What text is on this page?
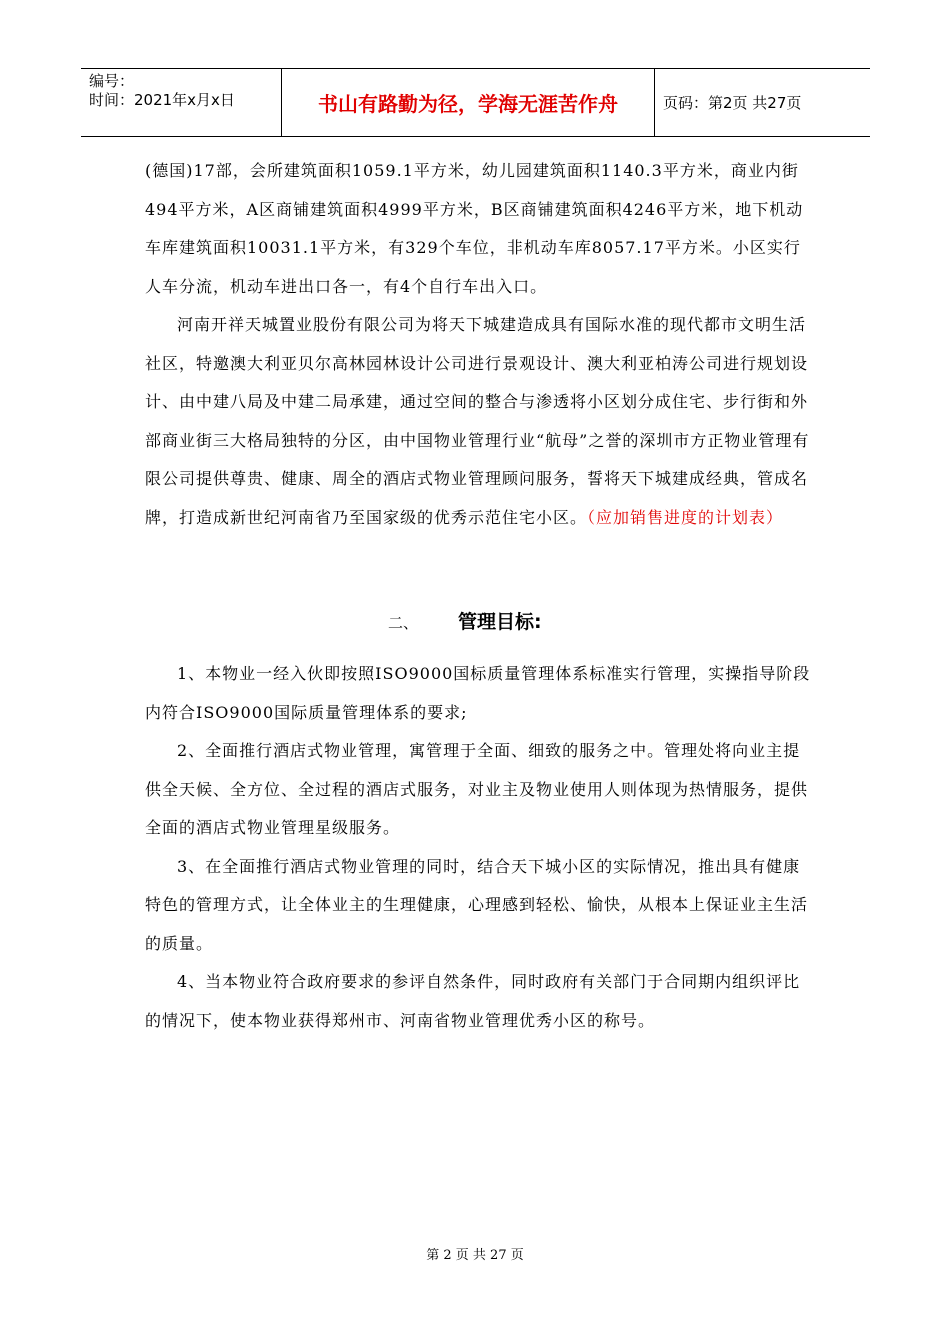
编号：
时间：2021年x月x日	书山有路勤为径，学海无涯苦作舟	页码：第2页 共27页

(德国)17部，会所建筑面积1059.1平方米，幼儿园建筑面积1140.3平方米，商业内街494平方米，A区商铺建筑面积4999平方米，B区商铺建筑面积4246平方米，地下机动车库建筑面积10031.1平方米，有329个车位，非机动车库8057.17平方米。小区实行人车分流，机动车进出口各一，有4个自行车出入口。

河南开祥天城置业股份有限公司为将天下城建造成具有国际水准的现代都市文明生活社区，特邀澳大利亚贝尔高林园林设计公司进行景观设计、澳大利亚柏涛公司进行规划设计、由中建八局及中建二局承建，通过空间的整合与渗透将小区划分成住宅、步行街和外部商业街三大格局独特的分区，由中国物业管理行业“航母”之誉的深圳市方正物业管理有限公司提供尊贵、健康、周全的酒店式物业管理顾问服务，誓将天下城建成经典，管成名牌，打造成新世纪河南省乃至国家级的优秀示范住宅小区。（应加销售进度的计划表）

二、 管理目标:

1、本物业一经入伙即按照ISO9000国标质量管理体系标准实行管理，实操指导阶段内符合ISO9000国际质量管理体系的要求;

2、全面推行酒店式物业管理，寓管理于全面、细致的服务之中。管理处将向业主提供全天候、全方位、全过程的酒店式服务，对业主及物业使用人则体现为热情服务，提供全面的酒店式物业管理星级服务。

3、在全面推行酒店式物业管理的同时，结合天下城小区的实际情况，推出具有健康特色的管理方式，让全体业主的生理健康，心理感到轻松、愉快，从根本上保证业主生活的质量。

4、当本物业符合政府要求的参评自然条件，同时政府有关部门于合同期内组织评比的情况下，使本物业获得郑州市、河南省物业管理优秀小区的称号。

第 2 页 共 27 页
